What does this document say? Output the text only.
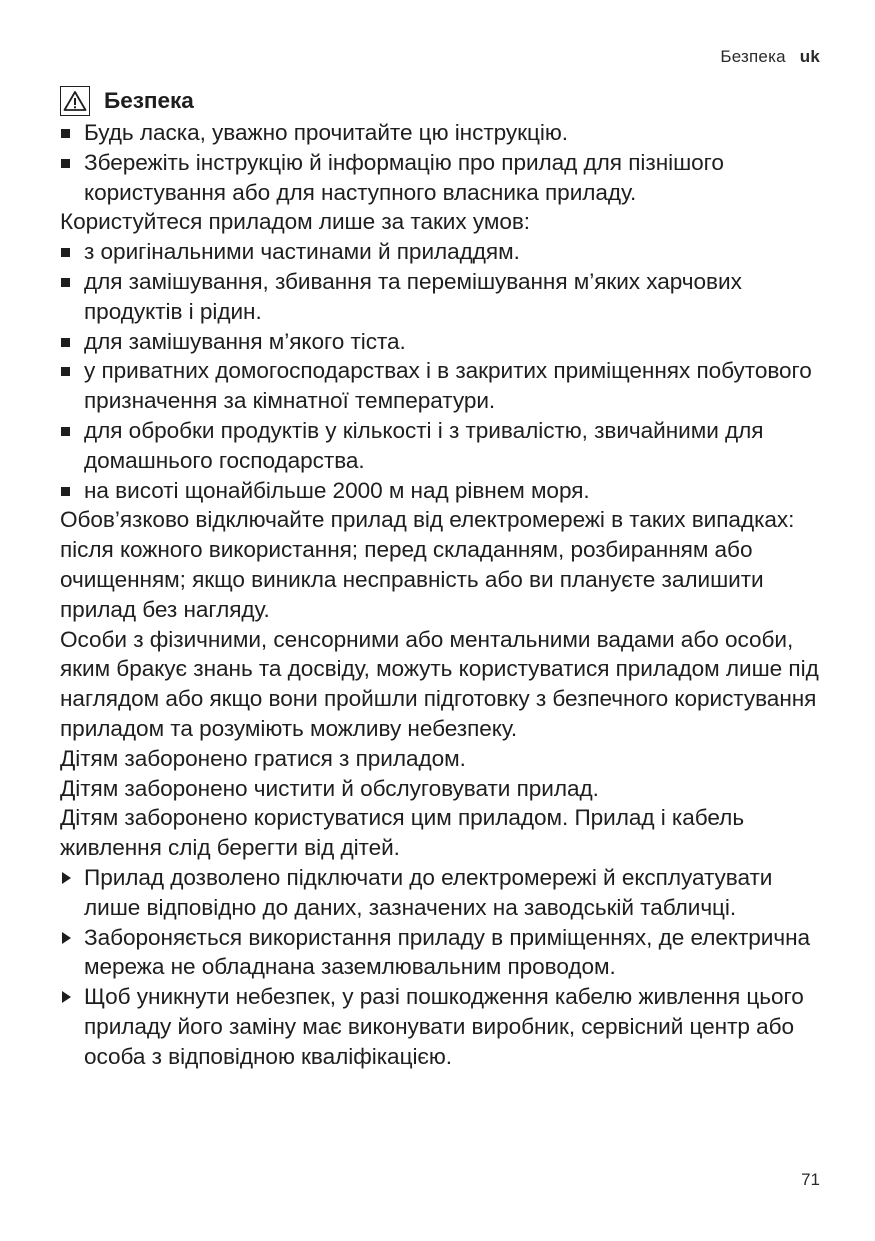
Безпека uk
Безпека
Будь ласка, уважно прочитайте цю інструкцію.
Збережіть інструкцію й інформацію про прилад для пізнішого користування або для наступного власника приладу.

Користуйтеся приладом лише за таких умов:

з оригінальними частинами й приладдям.
для замішування, збивання та перемішування м’яких харчових продуктів і рідин.
для замішування м’якого тіста.
у приватних домогосподарствах і в закритих приміщеннях побутового призначення за кімнатної температури.
для обробки продуктів у кількості і з тривалістю, звичайними для домашнього господарства.
на висоті щонайбільше 2000 м над рівнем моря.

Обов’язково відключайте прилад від електромережі в таких випадках: після кожного використання; перед складанням, розбиранням або очищенням; якщо виникла несправність або ви плануєте залишити прилад без нагляду.

Особи з фізичними, сенсорними або ментальними вадами або особи, яким бракує знань та досвіду, можуть користуватися приладом лише під наглядом або якщо вони пройшли підготовку з безпечного користування приладом та розуміють можливу небезпеку.

Дітям заборонено гратися з приладом.

Дітям заборонено чистити й обслуговувати прилад.

Дітям заборонено користуватися цим приладом. Прилад і кабель живлення слід берегти від дітей.

Прилад дозволено підключати до електромережі й експлуатувати лише відповідно до даних, зазначених на заводській табличці.
Забороняється використання приладу в приміщеннях, де електрична мережа не обладнана заземлювальним проводом.
Щоб уникнути небезпек, у разі пошкодження кабелю живлення цього приладу його заміну має виконувати виробник, сервісний центр або особа з відповідною кваліфікацією.
71
